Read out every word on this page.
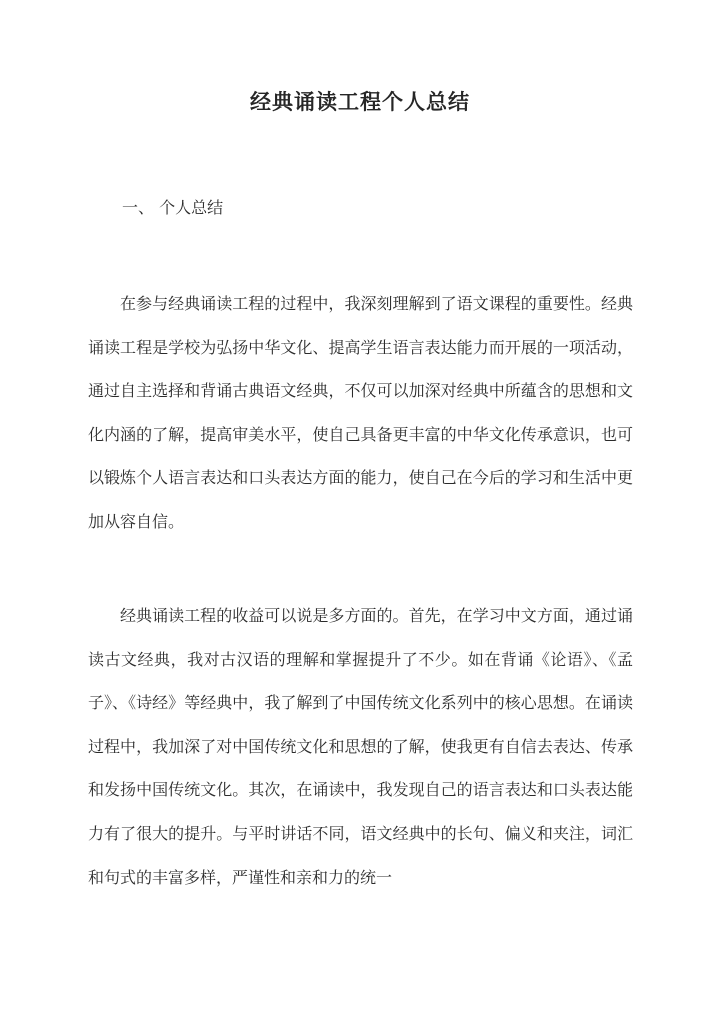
经典诵读工程个人总结

一、 个人总结

在参与经典诵读工程的过程中，我深刻理解到了语文课程的重要性。经典诵读工程是学校为弘扬中华文化、提高学生语言表达能力而开展的一项活动，通过自主选择和背诵古典语文经典，不仅可以加深对经典中所蕴含的思想和文化内涵的了解，提高审美水平，使自己具备更丰富的中华文化传承意识，也可以锻炼个人语言表达和口头表达方面的能力，使自己在今后的学习和生活中更加从容自信。

经典诵读工程的收益可以说是多方面的。首先，在学习中文方面，通过诵读古文经典，我对古汉语的理解和掌握提升了不少。如在背诵《论语》、《孟子》、《诗经》等经典中，我了解到了中国传统文化系列中的核心思想。在诵读过程中，我加深了对中国传统文化和思想的了解，使我更有自信去表达、传承和发扬中国传统文化。其次，在诵读中，我发现自己的语言表达和口头表达能力有了很大的提升。与平时讲话不同，语文经典中的长句、偏义和夹注，词汇和句式的丰富多样，严谨性和亲和力的统一
